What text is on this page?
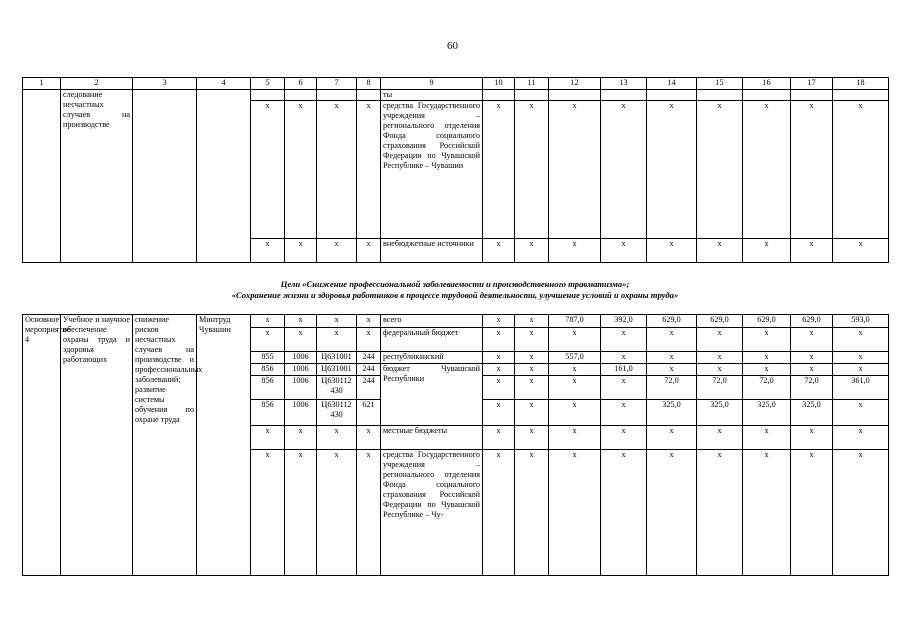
60
1	2	3	4	5	6	7	8	9	10	11	12	13	14	15	16	17	18
	следование несчастных случаев на производстве							ты									
				x	x	x	x	средства Государственного учреждения – регионального отделения Фонда социального страхования Российской Федерации по Чувашской Республике – Чувашии	x	x	x	x	x	x	x	x	x
				x	x	x	x	внебюджетные источники	x	x	x	x	x	x	x	x	x
Цели «Снижение профессиональной заболеваемости и производственного травматизма»;
«Сохранение жизни и здоровья работников в процессе трудовой деятельности, улучшение условий и охраны труда»
Основное мероприятие 4	Учебное и научное обеспечение охраны труда и здоровья работающих	снижение рисков несчастных случаев на производстве и профессиональных заболеваний; развитие системы обучения по охране труда	Минтруд Чувашии	x	x	x	x	всего	x	x	787,0	392,0	629,0	629,0	629,0	629,0	593,0
				x	x	x	x	федеральный бюджет	x	x	x	x	x	x	x	x	x
				855	1006	Ц631001	244	республиканский	x	x	557,0	x	x	x	x	x	x
				856	1006	Ц631001	244	бюджет Чувашской Республики	x	x	x	161,0	x	x	x	x	x
				856	1006	Ц630112 430	244		x	x	x	x	72,0	72,0	72,0	72,0	361,0
				856	1006	Ц630112 430	621		x	x	x	x	325,0	325,0	325,0	325,0	x
				x	x	x	x	местные бюджеты	x	x	x	x	x	x	x	x	x
				x	x	x	x	средства Государственного учреждения – регионального отделения Фонда социального страхования Российской Федерации по Чувашской Республике – Чу-	x	x	x	x	x	x	x	x	x
